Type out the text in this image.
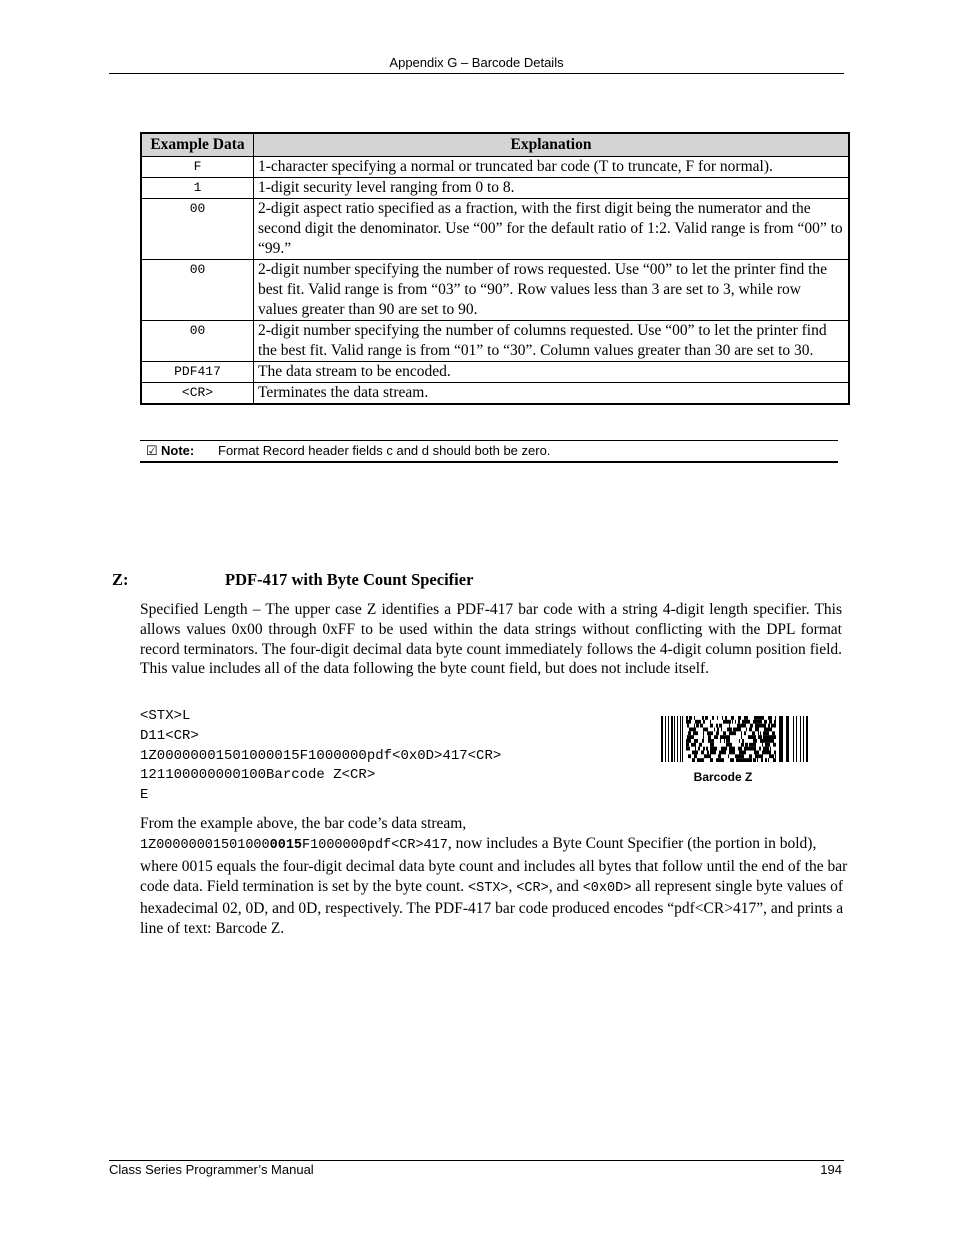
Appendix G – Barcode Details
Example Data	Explanation
F	1-character specifying a normal or truncated bar code (T to truncate, F for normal).
1	1-digit security level ranging from 0 to 8.
00	2-digit aspect ratio specified as a fraction, with the first digit being the numerator and the second digit the denominator. Use “00” for the default ratio of 1:2. Valid range is from “00” to “99.”
00	2-digit number specifying the number of rows requested. Use “00” to let the printer find the best fit. Valid range is from “03” to “90”. Row values less than 3 are set to 3, while row values greater than 90 are set to 90.
00	2-digit number specifying the number of columns requested. Use “00” to let the printer find the best fit. Valid range is from “01” to “30”. Column values greater than 30 are set to 30.
PDF417	The data stream to be encoded.
<CR>	Terminates the data stream.
☑ Note: Format Record header fields c and d should both be zero.
Z:	PDF-417 with Byte Count Specifier
Specified Length – The upper case Z identifies a PDF-417 bar code with a string 4-digit length specifier. This allows values 0x00 through 0xFF to be used within the data strings without conflicting with the DPL format record terminators. The four-digit decimal data byte count immediately follows the 4-digit column position field. This value includes all of the data following the byte count field, but does not include itself.
<STX>L
D11<CR>
1Z00000001501000015F1000000pdf<0x0D>417<CR>
121100000000100Barcode Z<CR>
E
Barcode Z
From the example above, the bar code’s data stream,
1Z000000015010000015F1000000pdf<CR>417, now includes a Byte Count Specifier (the portion in bold), where 0015 equals the four-digit decimal data byte count and includes all bytes that follow until the end of the bar code data. Field termination is set by the byte count. <STX>, <CR>, and <0x0D> all represent single byte values of hexadecimal 02, 0D, and 0D, respectively. The PDF-417 bar code produced encodes “pdf<CR>417”, and prints a line of text: Barcode Z.
Class Series Programmer’s Manual	194
